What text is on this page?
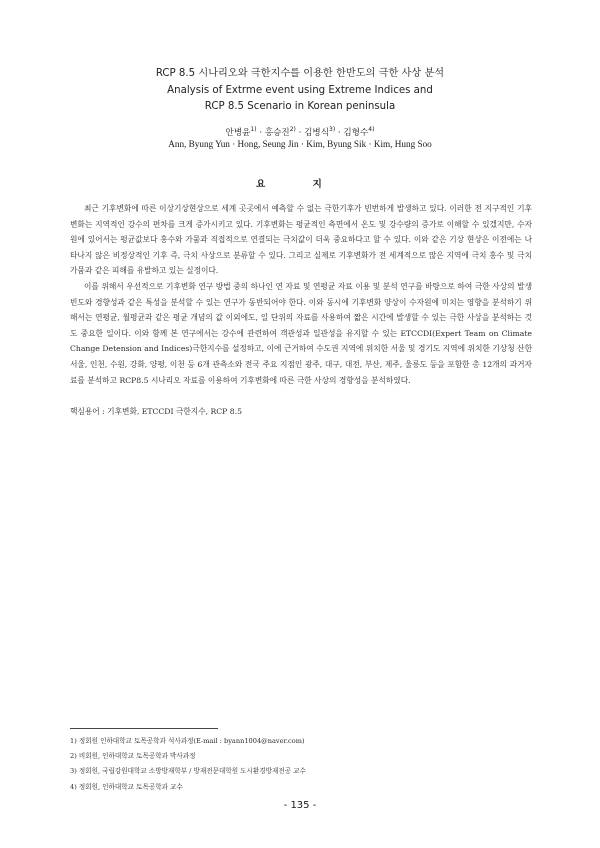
RCP 8.5 시나리오와 극한지수를 이용한 한반도의 극한 사상 분석
Analysis of Extrme event using Extreme Indices and
RCP 8.5 Scenario in Korean peninsula
안병윤$^{1)}$ · 홍승진$^{2)}$ · 김병식$^{3)}$ · 김형수$^{4)}$
Ann, Byung Yun · Hong, Seung Jin · Kim, Byung Sik · Kim, Hung Soo
요 지

최근 기후변화에 따른 이상기상현상으로 세계 곳곳에서 예측할 수 없는 극한기후가 빈번하게 발생하고 있다. 이러한 전 지구적인 기후변화는 지역적인 강수의 편차를 크게 증가시키고 있다. 기후변화는 평균적인 측면에서 온도 및 강수량의 증가로 이해할 수 있겠지만, 수자원에 있어서는 평균값보다 홍수와 가뭄과 직접적으로 연결되는 극치값이 더욱 중요하다고 할 수 있다. 이와 같은 기상 현상은 이전에는 나타나지 않은 비정상적인 기후 즉, 극치 사상으로 분류할 수 있다. 그리고 실제로 기후변화가 전 세계적으로 많은 지역에 극치 홍수 및 극치 가뭄과 같은 피해를 유발하고 있는 실정이다.

이를 위해서 우선적으로 기후변화 연구 방법 중의 하나인 연 자료 및 연평균 자료 이용 및 분석 연구를 바탕으로 하여 극한 사상의 발생빈도와 경향성과 같은 특성을 분석할 수 있는 연구가 동반되어야 한다. 이와 동시에 기후변화 양상이 수자원에 미치는 영향을 분석하기 위해서는 연평균, 월평균과 같은 평균 개념의 값 이외에도, 일 단위의 자료를 사용하여 짧은 시간에 발생할 수 있는 극한 사상을 분석하는 것도 중요한 일이다. 이와 함께 본 연구에서는 강수에 관련하여 객관성과 일관성을 유지할 수 있는 ETCCDI(Expert Team on Climate Change Detension and Indices)극한지수를 설정하고, 이에 근거하여 수도권 지역에 위치한 서울 및 경기도 지역에 위치한 기상청 산한 서울, 인천, 수원, 강화, 양평, 이천 등 6개 관측소와 전국 주요 지점인 광주, 대구, 대전, 부산, 제주, 울릉도 등을 포함한 총 12개의 과거자료를 분석하고 RCP8.5 시나리오 자료를 이용하여 기후변화에 따른 극한 사상의 경향성을 분석하였다.

핵심용어 : 기후변화, ETCCDI 극한지수, RCP 8.5
1) 정회원 인하대학교 토목공학과 석사과정(E-mail : byann1004@naver.com)
2) 비회원, 인하대학교 토목공학과 박사과정
3) 정회원, 국립강원대학교 소방방재학부 / 방재전문대학원 도시환경방재전공 교수
4) 정회원, 인하대학교 토목공학과 교수
- 135 -
